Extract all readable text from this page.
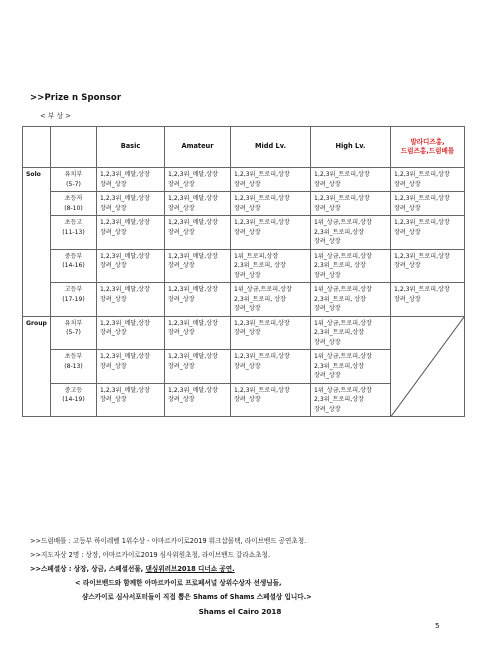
>>Prize n Sponsor
< 부 상 >
		Basic	Amateur	Midd Lv.	High Lv.	발라디즈홍,
드럼즈홍,드럼배틀

Solo	유치부
(5-7)	1,2,3위_메달,상장
장려_상장	1,2,3위_메달,상장
장려_상장	1,2,3위_트로피,상장
장려_상장	1,2,3위_트로피,상장
장려_상장	1,2,3위_트로피,상장
장려_상장

	초등저
(8-10)	1,2,3위_메달,상장
장려_상장	1,2,3위_메달,상장
장려_상장	1,2,3위_트로피,상장
장려_상장	1,2,3위_트로피,상장
장려_상장	1,2,3위_트로피,상장
장려_상장

	초등고
(11-13)	1,2,3위_메달,상장
장려_상장	1,2,3위_메달,상장
장려_상장	1,2,3위_트로피,상장
장려_상장	1위_상금,트로피,상장
2,3위_트로피,상장
장려_상장	1,2,3위_트로피,상장
장려_상장

	중등부
(14-16)	1,2,3위_메달,상장
장려_상장	1,2,3위_메달,상장
장려_상장	1위_트로피,상장
2,3위_트로피, 상장
장려_상장	1위_상금,트로피,상장
2,3위_트로피, 상장
장려_상장	1,2,3위_트로피,상장
장려_상장

	고등부
(17-19)	1,2,3위_메달,상장
장려_상장	1,2,3위_메달,상장
장려_상장	1위_상금,트로피,상장
2,3위_트로피, 상장
장려_상장	1위_상금,트로피,상장
2,3위_트로피, 상장
장려_상장	1,2,3위_트로피,상장
장려_상장

Group	유치부
(5-7)	1,2,3위_메달,상장
장려_상장	1,2,3위_메달,상장
장려_상장	1,2,3위_트로피,상장
장려_상장	1위_상금,트로피,상장
2,3위_트로피,상장
장려_상장

	초등부
(8-13)	1,2,3위_메달,상장
장려_상장	1,2,3위_메달,상장
장려_상장	1,2,3위_트로피,상장
장려_상장	1위_상금,트로피,상장
2,3위_트로피,상장
장려_상장	

	중고등
(14-19)	1,2,3위_메달,상장
장려_상장	1,2,3위_메달,상장
장려_상장	1,2,3위_트로피,상장
장려_상장	1위_상금,트로피,상장
2,3위_트로피,상장
장려_상장	
>>드럼배틀 : 고등부 하이레벨 1위수상 - 아마르카이로2019 워크샵몰택, 라이브밴드 공연초청.
>>지도자상 2명 : 상장, 아마르카이로2019 심사위원초청, 라이브밴드 갈라쇼초청.
>>스페셜상 : 상장, 상금, 스페셜선물, 댄싱위러브2018 디너쇼 공연.
< 라이브밴드와 함께한 아마르카이로 프로페셔널 상위수상자 선생님들,
샴스카이로 심사서포터들이 직접 뽑은 Shams of Shams 스페셜상 입니다.>
Shams el Cairo 2018
5
